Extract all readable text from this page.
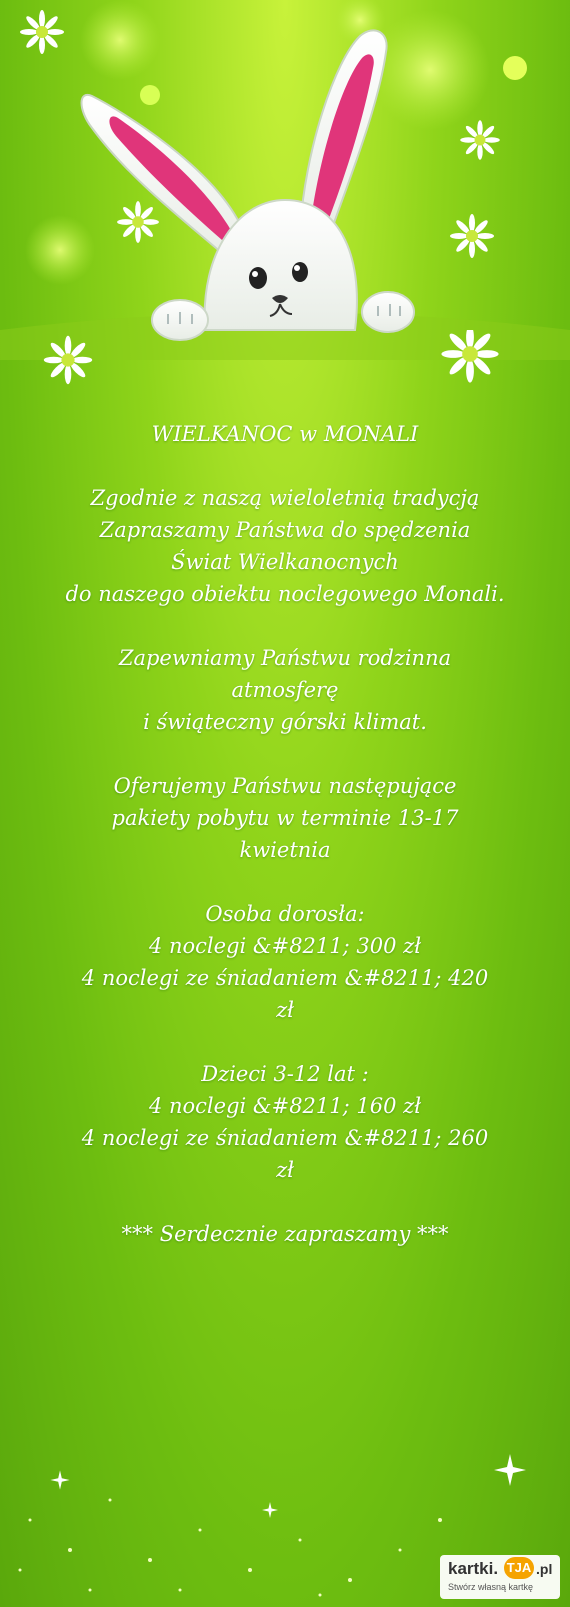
WIELKANOC w MONALI
Zgodnie z naszą wieloletnią tradycją
Zapraszamy Państwa do spędzenia
Świat Wielkanocnych
do naszego obiektu noclegowego Monali.
Zapewniamy Państwu rodzinna
atmosferę
i świąteczny górski klimat.
Oferujemy Państwu następujące
pakiety pobytu w terminie 13-17
kwietnia
Osoba dorosła:
4 noclegi &#8211; 300 zł
4 noclegi ze śniadaniem &#8211; 420
zł
Dzieci 3-12 lat :
4 noclegi &#8211; 160 zł
4 noclegi ze śniadaniem &#8211; 260
zł
*** Serdecznie zapraszamy ***
kartki. TJA .pl
Stwórz własną kartkę
